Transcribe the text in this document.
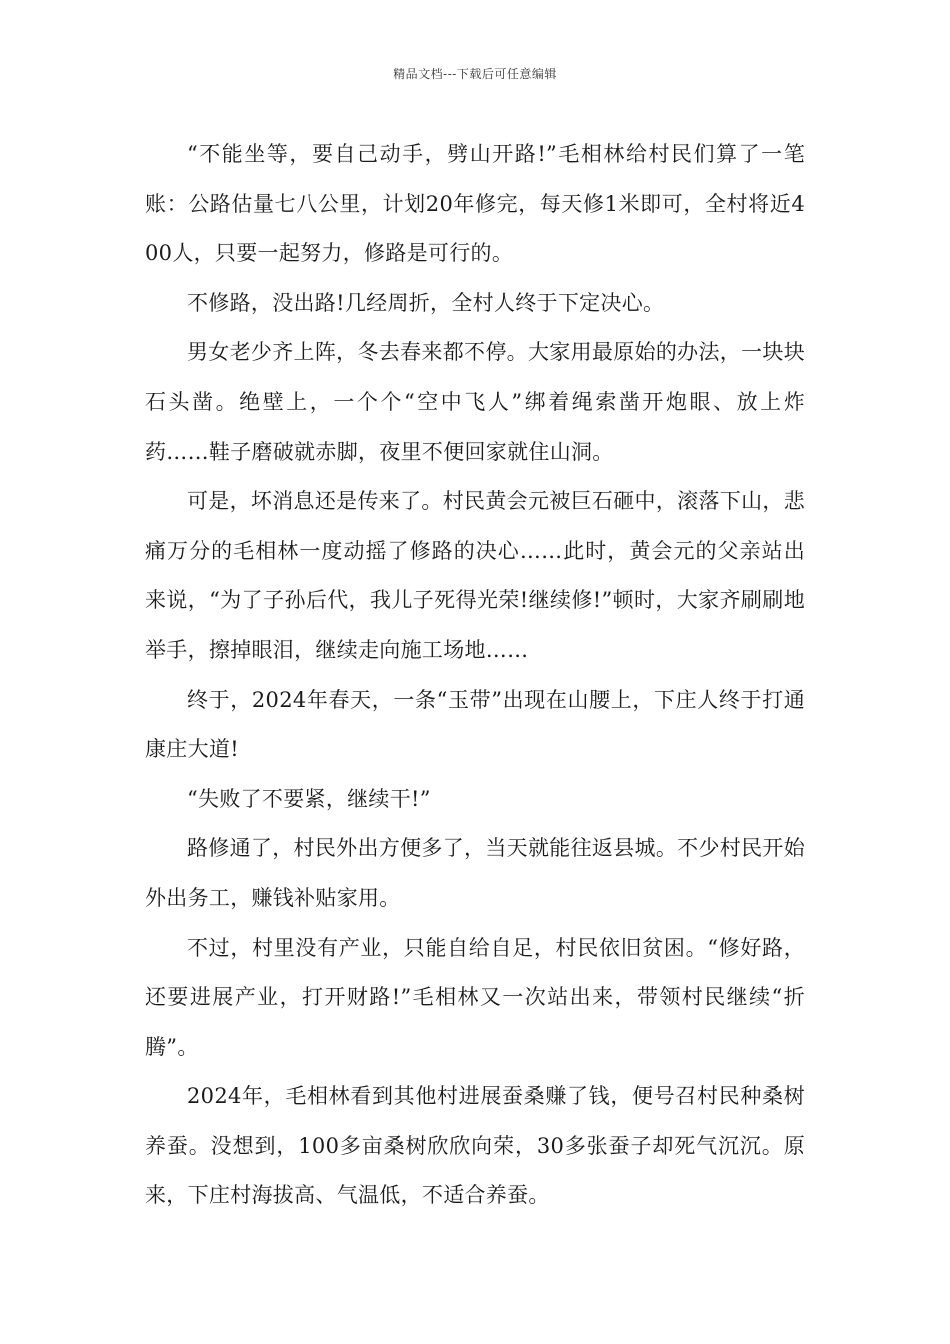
精品文档---下载后可任意编辑

“不能坐等，要自己动手，劈山开路!”毛相林给村民们算了一笔账：公路估量七八公里，计划20年修完，每天修1米即可，全村将近400人，只要一起努力，修路是可行的。

不修路，没出路!几经周折，全村人终于下定决心。

男女老少齐上阵，冬去春来都不停。大家用最原始的办法，一块块石头凿。绝壁上，一个个“空中飞人”绑着绳索凿开炮眼、放上炸药……鞋子磨破就赤脚，夜里不便回家就住山洞。

可是，坏消息还是传来了。村民黄会元被巨石砸中，滚落下山，悲痛万分的毛相林一度动摇了修路的决心……此时，黄会元的父亲站出来说，“为了子孙后代，我儿子死得光荣!继续修!”顿时，大家齐刷刷地举手，擦掉眼泪，继续走向施工场地……

终于，2024年春天，一条“玉带”出现在山腰上，下庄人终于打通康庄大道!

“失败了不要紧，继续干!”

路修通了，村民外出方便多了，当天就能往返县城。不少村民开始外出务工，赚钱补贴家用。

不过，村里没有产业，只能自给自足，村民依旧贫困。“修好路，还要进展产业，打开财路!”毛相林又一次站出来，带领村民继续“折腾”。

2024年，毛相林看到其他村进展蚕桑赚了钱，便号召村民种桑树养蚕。没想到，100多亩桑树欣欣向荣，30多张蚕子却死气沉沉。原来，下庄村海拔高、气温低，不适合养蚕。
